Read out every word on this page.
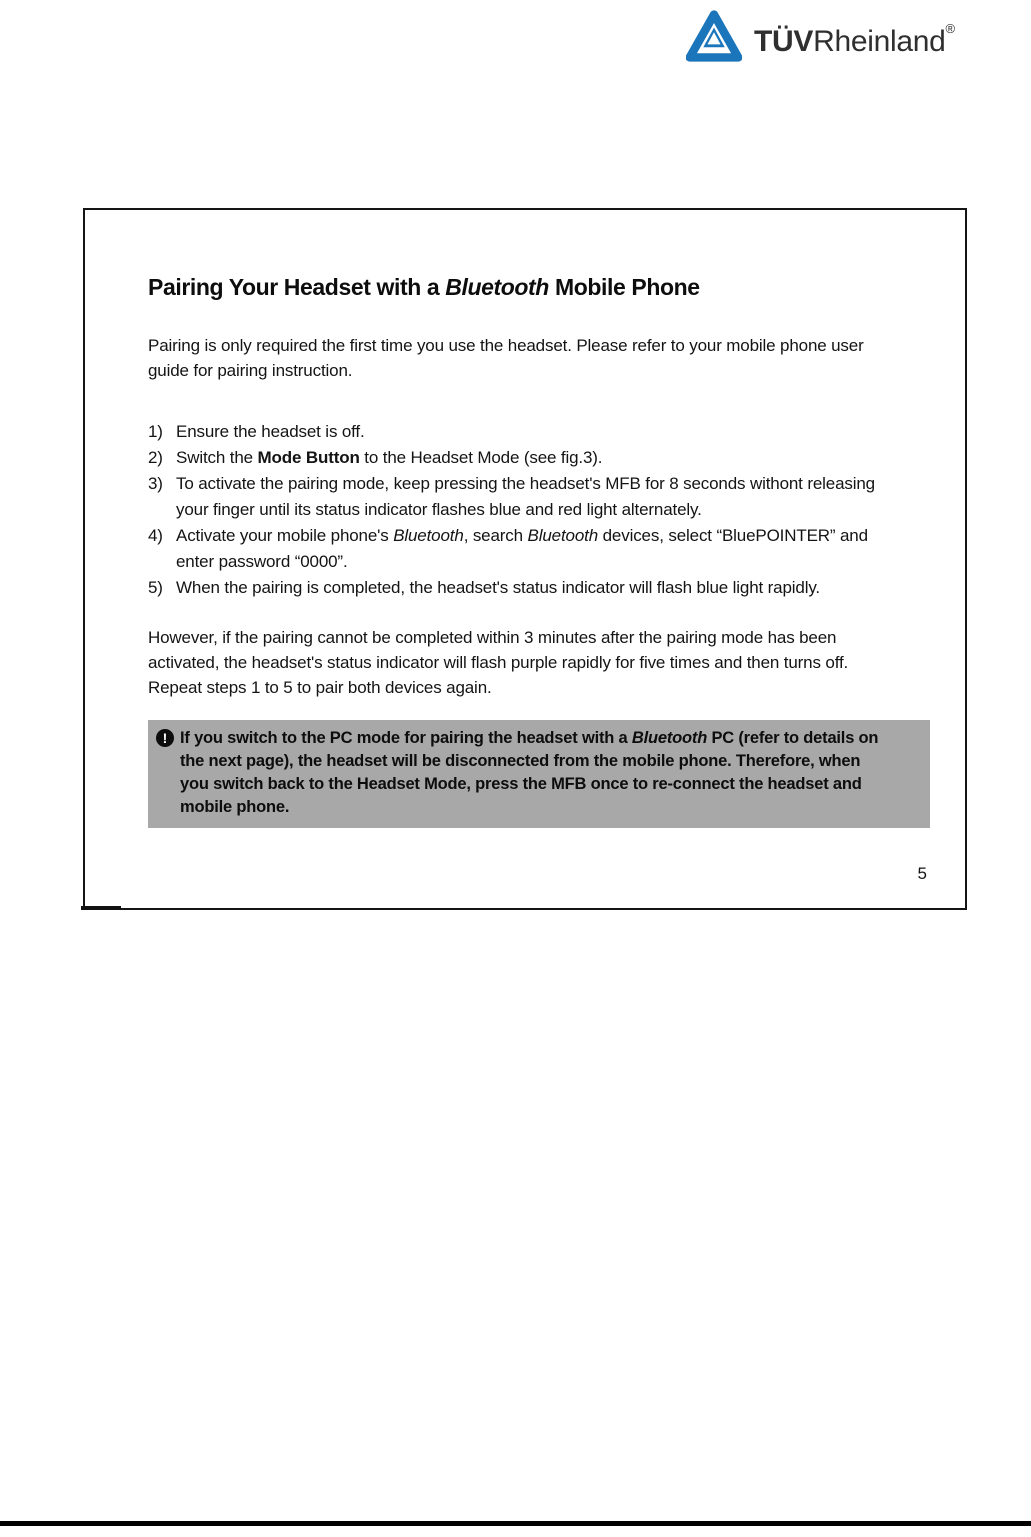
TÜVRheinland®
Pairing Your Headset with a Bluetooth Mobile Phone

Pairing is only required the first time you use the headset. Please refer to your mobile phone user guide for pairing instruction.

1) Ensure the headset is off.
2) Switch the Mode Button to the Headset Mode (see fig.3).
3) To activate the pairing mode, keep pressing the headset's MFB for 8 seconds withont releasing your finger until its status indicator flashes blue and red light alternately.
4) Activate your mobile phone's Bluetooth, search Bluetooth devices, select “BluePOINTER” and enter password “0000”.
5) When the pairing is completed, the headset's status indicator will flash blue light rapidly.

However, if the pairing cannot be completed within 3 minutes after the pairing mode has been activated, the headset's status indicator will flash purple rapidly for five times and then turns off. Repeat steps 1 to 5 to pair both devices again.

! If you switch to the PC mode for pairing the headset with a Bluetooth PC (refer to details on the next page), the headset will be disconnected from the mobile phone. Therefore, when you switch back to the Headset Mode, press the MFB once to re-connect the headset and mobile phone.
5
